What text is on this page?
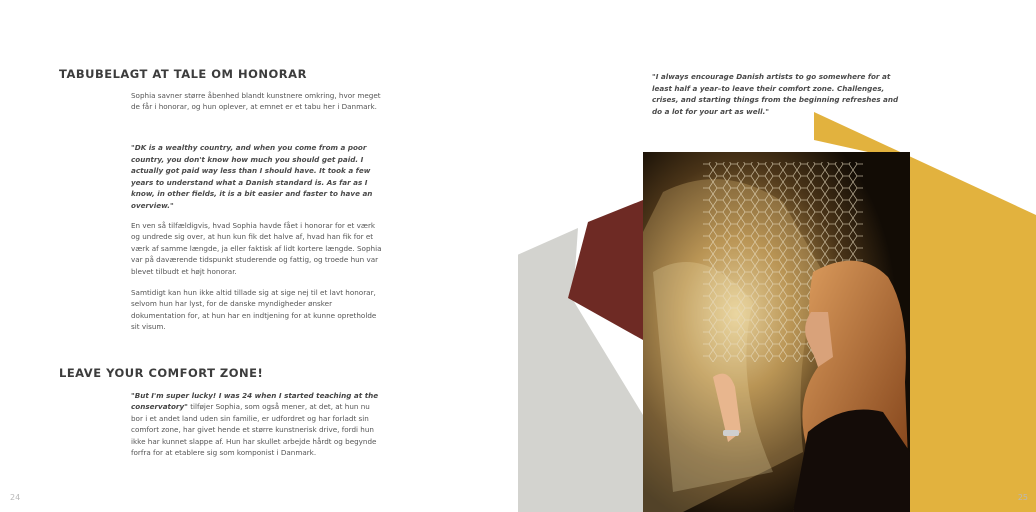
TABUBELAGT AT TALE OM HONORAR

Sophia savner større åbenhed blandt kunstnere omkring, hvor meget de får i honorar, og hun oplever, at emnet er et tabu her i Danmark.

"DK is a wealthy country, and when you come from a poor country, you don't know how much you should get paid. I actually got paid way less than I should have. It took a few years to understand what a Danish standard is. As far as I know, in other fields, it is a bit easier and faster to have an overview."

En ven så tilfældigvis, hvad Sophia havde fået i honorar for et værk og undrede sig over, at hun kun fik det halve af, hvad han fik for et værk af samme længde, ja eller faktisk af lidt kortere længde. Sophia var på daværende tidspunkt studerende og fattig, og troede hun var blevet tilbudt et højt honorar.

Samtidigt kan hun ikke altid tillade sig at sige nej til et lavt honorar, selvom hun har lyst, for de danske myndigheder ønsker dokumentation for, at hun har en indtjening for at kunne opretholde sit visum.

LEAVE YOUR COMFORT ZONE!

"But I'm super lucky! I was 24 when I started teaching at the conservatory" tilføjer Sophia, som også mener, at det, at hun nu bor i et andet land uden sin familie, er udfordret og har forladt sin comfort zone, har givet hende et større kunstnerisk drive, fordi hun ikke har kunnet slappe af. Hun har skullet arbejde hårdt og begynde forfra for at etablere sig som komponist i Danmark.

24

"I always encourage Danish artists to go somewhere for at least half a year–to leave their comfort zone. Challenges, crises, and starting things from the beginning refreshes and do a lot for your art as well."

25
